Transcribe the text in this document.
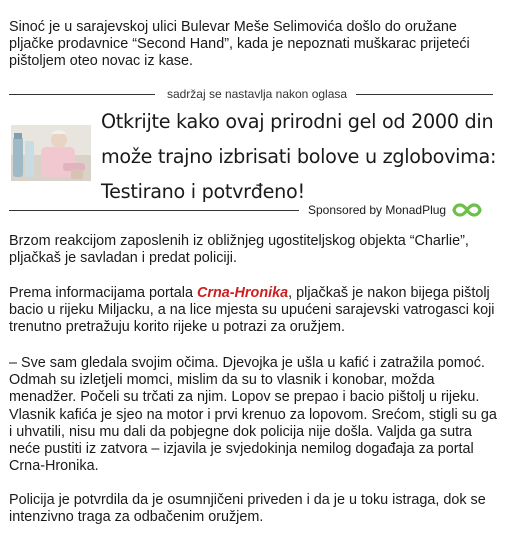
Sinoć je u sarajevskoj ulici Bulevar Meše Selimovića došlo do oružane pljačke prodavnice “Second Hand”, kada je nepoznati muškarac prijeteći pištoljem oteo novac iz kase.

sadržaj se nastavlja nakon oglasa
Otkrijte kako ovaj prirodni gel od 2000 din može trajno izbrisati bolove u zglobovima: Testirano i potvrđeno!
Sponsored by MonadPlug

Brzom reakcijom zaposlenih iz obližnjeg ugostiteljskog objekta “Charlie”, pljačkaš je savladan i predat policiji.

Prema informacijama portala Crna-Hronika, pljačkaš je nakon bijega pištolj bacio u rijeku Miljacku, a na lice mjesta su upućeni sarajevski vatrogasci koji trenutno pretražuju korito rijeke u potrazi za oružjem.

– Sve sam gledala svojim očima. Djevojka je ušla u kafić i zatražila pomoć. Odmah su izletjeli momci, mislim da su to vlasnik i konobar, možda menadžer. Počeli su trčati za njim. Lopov se prepao i bacio pištolj u rijeku. Vlasnik kafića je sjeo na motor i prvi krenuo za lopovom. Srećom, stigli su ga i uhvatili, nisu mu dali da pobjegne dok policija nije došla. Valjda ga sutra neće pustiti iz zatvora – izjavila je svjedokinja nemilog događaja za portal Crna-Hronika.

Policija je potvrdila da je osumnjičeni priveden i da je u toku istraga, dok se intenzivno traga za odbačenim oružjem.
